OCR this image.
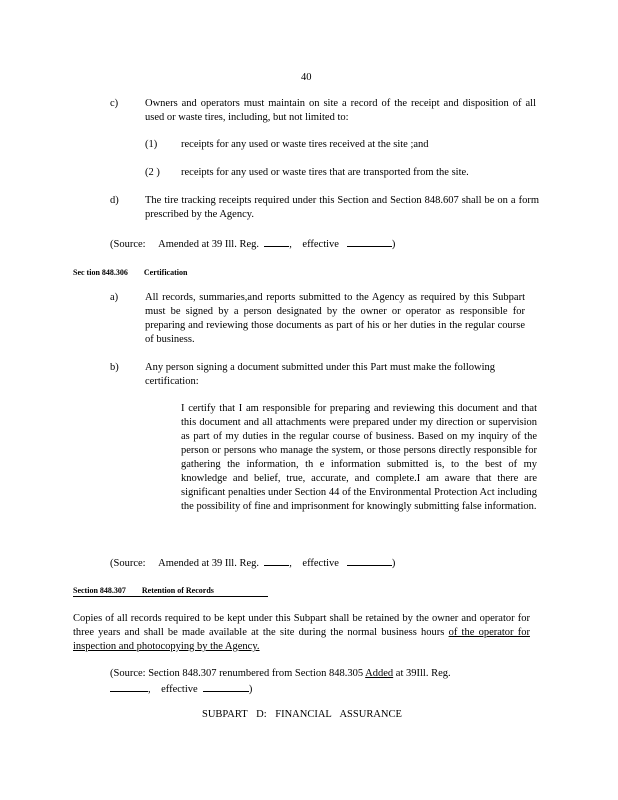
40
c)	Owners and operators must maintain on site a record of the receipt and disposition of all used or waste tires, including, but not limited to:
(1) receipts for any used or waste tires received at the site ;and
(2 ) receipts for any used or waste tires that are transported from the site.
d)	The tire tracking receipts required under this Section and Section 848.607 shall be on a form prescribed by the Agency.
(Source: Amended at 39 Ill. Reg.	, effective	)
Sec tion 848.306 Certification
a)	All records, summaries,and reports submitted to the Agency as required by this Subpart must be signed by a person designated by the owner or operator as responsible for preparing and reviewing those documents as part of his or her duties in the regular course of business.
b)	Any person signing a document submitted under this Part must make the following certification:
I certify that I am responsible for preparing and reviewing this document and that this document and all attachments were prepared under my direction or supervision as part of my duties in the regular course of business. Based on my inquiry of the person or persons who manage the system, or those persons directly responsible for gathering the information, th e information submitted is, to the best of my knowledge and belief, true, accurate, and complete.I am aware that there are significant penalties under Section 44 of the Environmental Protection Act including the possibility of fine and imprisonment for knowingly submitting false information.
(Source: Amended at 39 Ill. Reg.	, effective	)
Section 848.307 Retention of Records
Copies of all records required to be kept under this Subpart shall be retained by the owner and operator for three years and shall be made available at the site during the normal business hours of the operator for inspection and photocopying by the Agency.
(Source: Section 848.307 renumbered from Section 848.305 Added at 39Ill. Reg.
, effective	)
SUBPART D: FINANCIAL ASSURANCE
